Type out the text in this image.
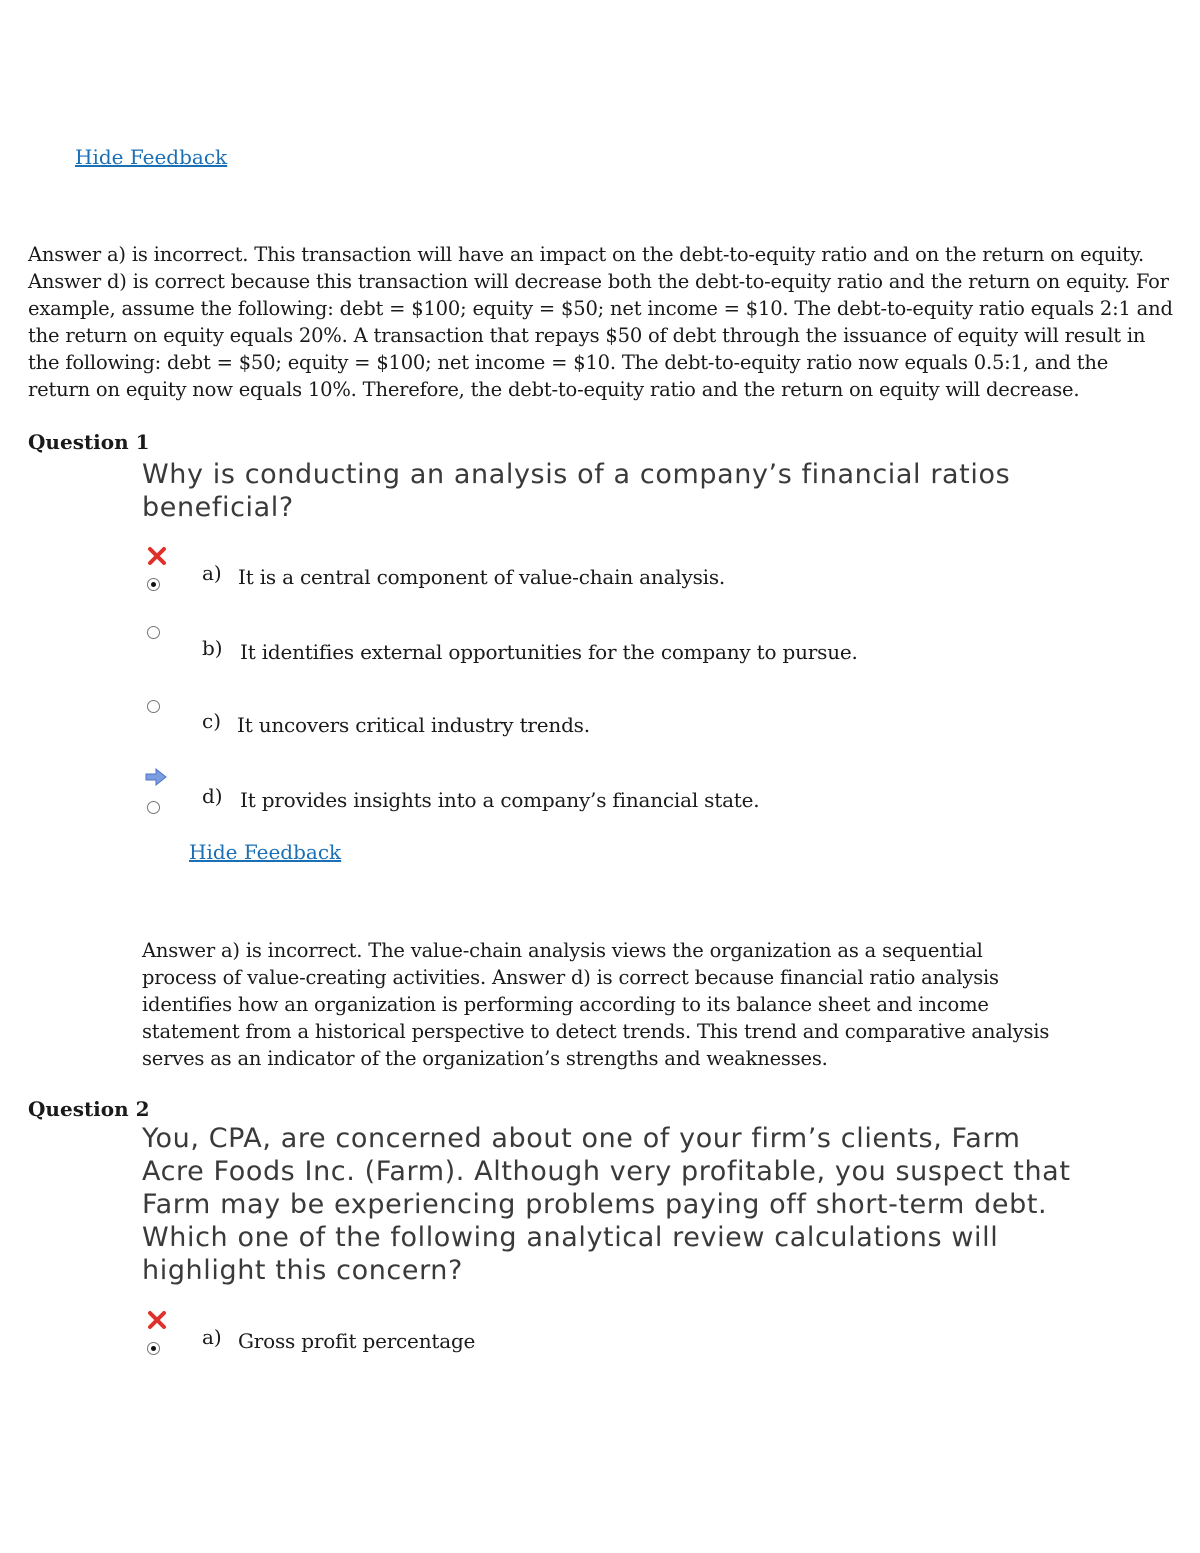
Hide Feedback

Answer a) is incorrect. This transaction will have an impact on the debt-to-equity ratio and on the return on equity. Answer d) is correct because this transaction will decrease both the debt-to-equity ratio and the return on equity. For example, assume the following: debt = $100; equity = $50; net income = $10. The debt-to-equity ratio equals 2:1 and the return on equity equals 20%. A transaction that repays $50 of debt through the issuance of equity will result in the following: debt = $50; equity = $100; net income = $10. The debt-to-equity ratio now equals 0.5:1, and the return on equity now equals 10%. Therefore, the debt-to-equity ratio and the return on equity will decrease.

Question 1

Why is conducting an analysis of a company’s financial ratios beneficial?

a) It is a central component of value-chain analysis.
b) It identifies external opportunities for the company to pursue.
c) It uncovers critical industry trends.
d) It provides insights into a company’s financial state.
Hide Feedback

Answer a) is incorrect. The value-chain analysis views the organization as a sequential process of value-creating activities. Answer d) is correct because financial ratio analysis identifies how an organization is performing according to its balance sheet and income statement from a historical perspective to detect trends. This trend and comparative analysis serves as an indicator of the organization’s strengths and weaknesses.

Question 2

You, CPA, are concerned about one of your firm’s clients, Farm Acre Foods Inc. (Farm). Although very profitable, you suspect that Farm may be experiencing problems paying off short-term debt. Which one of the following analytical review calculations will highlight this concern?

a) Gross profit percentage
